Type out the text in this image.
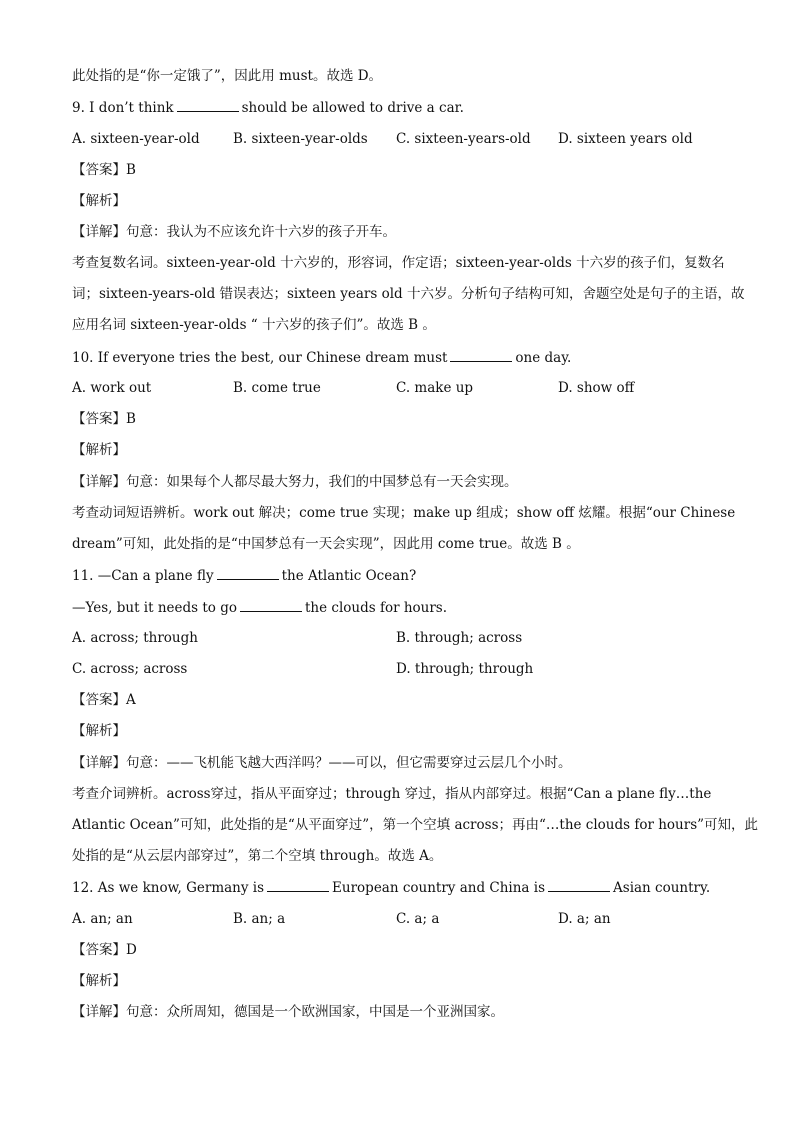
此处指的是“你一定饿了”，因此用 must。故选 D。
9. I don’t think	should be allowed to drive a car.
A. sixteen-year-old B. sixteen-year-olds C. sixteen-years-old D. sixteen years old
【答案】B
【解析】
【详解】句意：我认为不应该允许十六岁的孩子开车。
考查复数名词。sixteen-year-old 十六岁的，形容词，作定语；sixteen-year-olds 十六岁的孩子们，复数名
词；sixteen-years-old 错误表达；sixteen years old 十六岁。分析句子结构可知，舍题空处是句子的主语，故
应用名词 sixteen-year-olds “ 十六岁的孩子们”。故选 B 。
10. If everyone tries the best, our Chinese dream must	one day.
A. work out	B. come true	C. make up	D. show off
【答案】B
【解析】
【详解】句意：如果每个人都尽最大努力，我们的中国梦总有一天会实现。
考查动词短语辨析。work out 解决；come true 实现；make up 组成；show off 炫耀。根据“our Chinese
dream”可知，此处指的是“中国梦总有一天会实现”，因此用 come true。故选 B 。
11. —Can a plane fly	the Atlantic Ocean?
—Yes, but it needs to go	the clouds for hours.
A. across; through	B. through; across
C. across; across	D. through; through
【答案】A
【解析】
【详解】句意：——飞机能飞越大西洋吗？——可以，但它需要穿过云层几个小时。
考查介词辨析。across穿过，指从平面穿过；through 穿过，指从内部穿过。根据“Can a plane fly…the
Atlantic Ocean”可知，此处指的是“从平面穿过”，第一个空填 across；再由“…the clouds for hours”可知，此
处指的是“从云层内部穿过”，第二个空填 through。故选 A。
12. As we know, Germany is	European country and China is	Asian country.
A. an; an	B. an; a	C. a; a	D. a; an
【答案】D
【解析】
【详解】句意：众所周知，德国是一个欧洲国家，中国是一个亚洲国家。
